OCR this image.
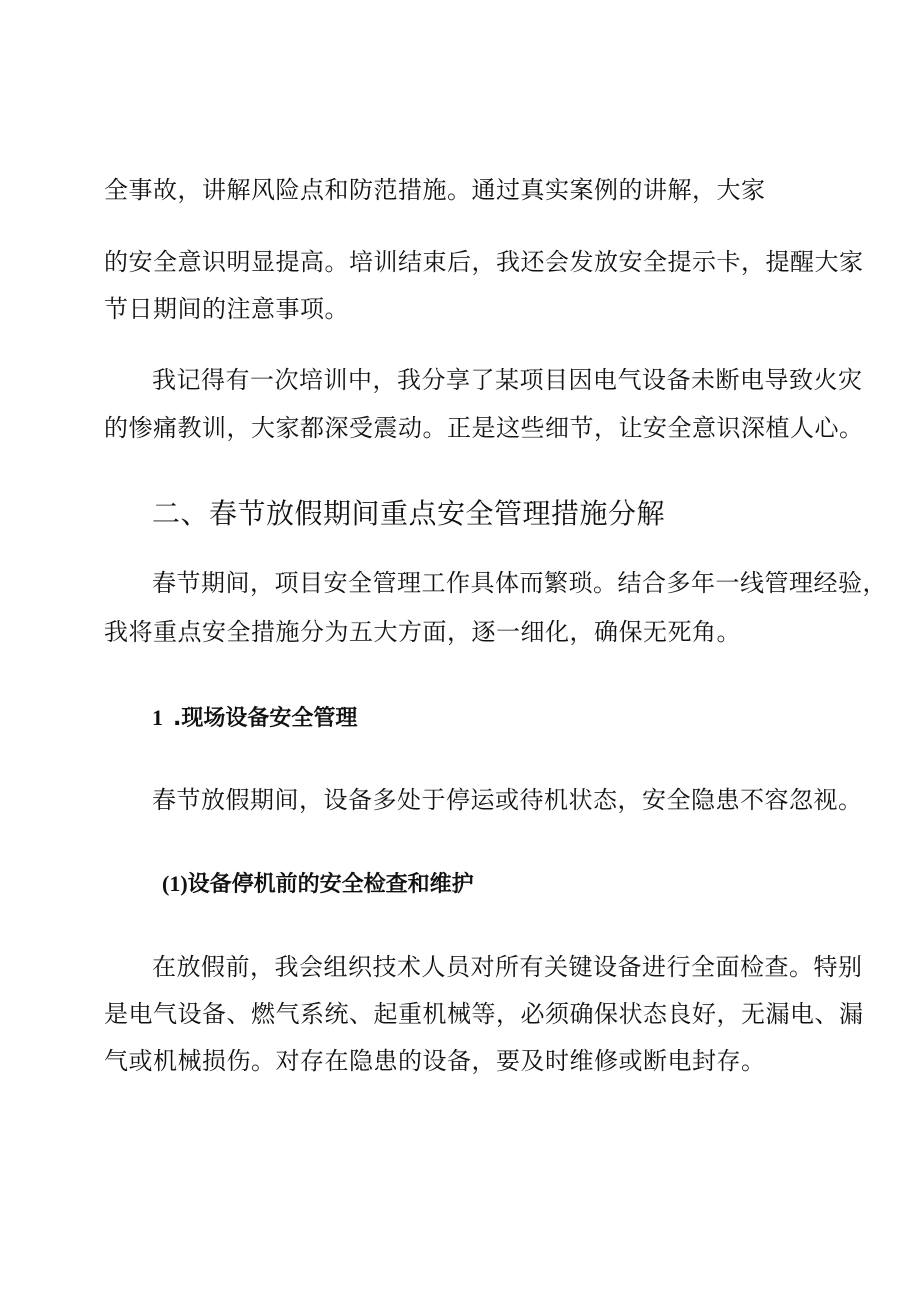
全事故，讲解风险点和防范措施。通过真实案例的讲解，大家
的安全意识明显提高。培训结束后，我还会发放安全提示卡，提醒大家
节日期间的注意事项。
我记得有一次培训中，我分享了某项目因电气设备未断电导致火灾
的惨痛教训，大家都深受震动。正是这些细节，让安全意识深植人心。
二、春节放假期间重点安全管理措施分解
春节期间，项目安全管理工作具体而繁琐。结合多年一线管理经验，
我将重点安全措施分为五大方面，逐一细化，确保无死角。
1 .现场设备安全管理
春节放假期间，设备多处于停运或待机状态，安全隐患不容忽视。
(1)设备停机前的安全检查和维护
在放假前，我会组织技术人员对所有关键设备进行全面检查。特别
是电气设备、燃气系统、起重机械等，必须确保状态良好，无漏电、漏
气或机械损伤。对存在隐患的设备，要及时维修或断电封存。
